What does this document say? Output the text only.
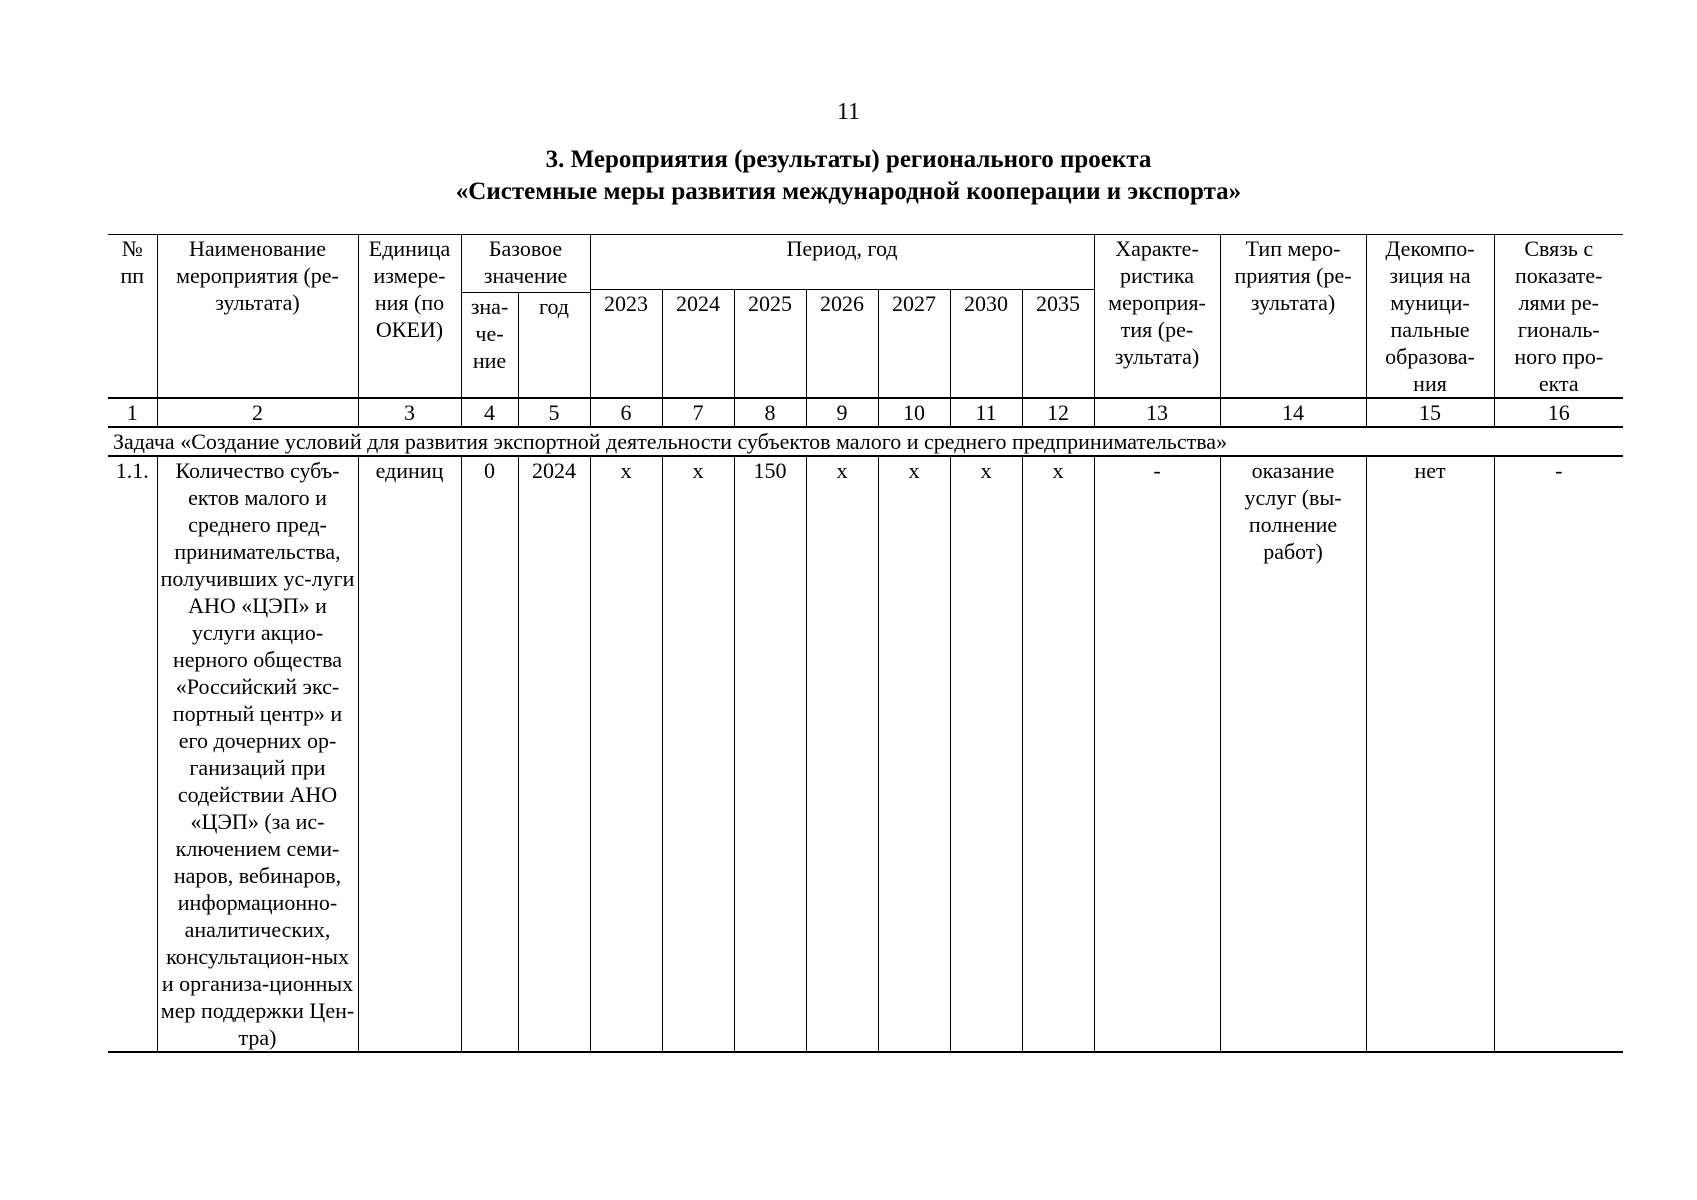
11
3. Мероприятия (результаты) регионального проекта
«Системные меры развития международной кооперации и экспорта»
№ пп	Наименование мероприятия (ре-зультата)	Единица измере-ния (по ОКЕИ)	Базовое значение		Период, год							Характе-ристика мероприя-тия (ре-зультата)	Тип меро-приятия (ре-зультата)	Декомпо-зиция на муници-пальные образова-ния	Связь с показате-лями ре-гиональ-ного про-екта
					2023	2024	2025	2026	2027	2030	2035				
			зна-че-ние	год											
1	2	3	4	5	6	7	8	9	10	11	12	13	14	15	16
Задача «Создание условий для развития экспортной деятельности субъектов малого и среднего предпринимательства»															
1.1.	Количество субъ-ектов малого и среднего пред-принимательства, получивших ус-луги АНО «ЦЭП» и услуги акцио-нерного общества «Российский экс-портный центр» и его дочерних ор-ганизаций при содействии АНО «ЦЭП» (за ис-ключением семи-наров, вебинаров, информационно-аналитических, консультацион-ных и организа-ционных мер поддержки Цен-тра)	единиц	0	2024	х	х	150	х	х	х	х	-	оказание услуг (вы-полнение работ)	нет	-
